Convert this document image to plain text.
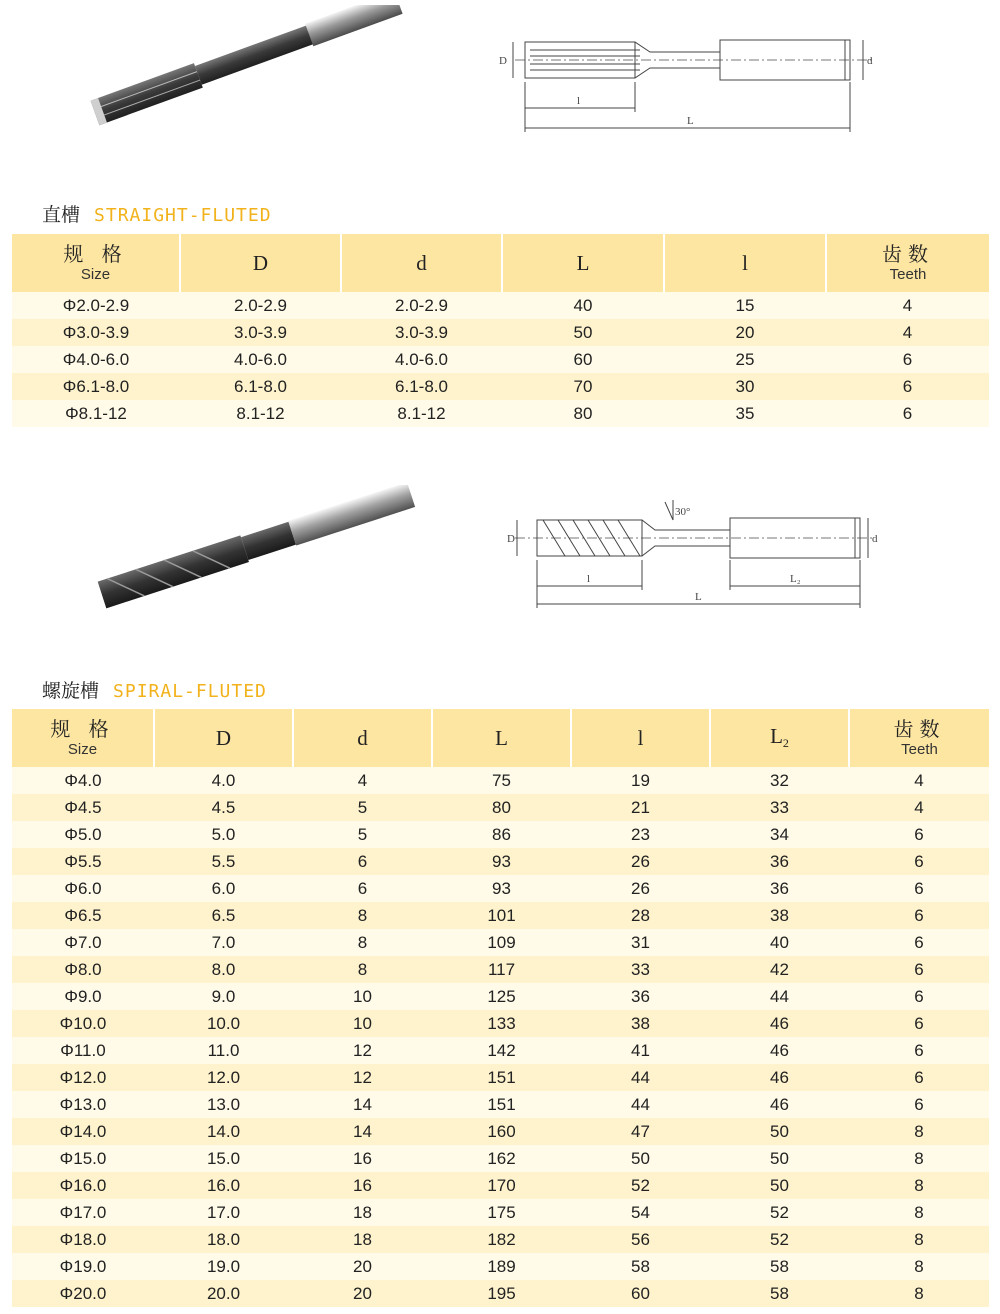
D	d
l
L
直槽 STRAIGHT-FLUTED
规 格
Size	D	d	L	l	齿数
Teeth

Φ2.0-2.9	2.0-2.9	2.0-2.9	40	15	4
Φ3.0-3.9	3.0-3.9	3.0-3.9	50	20	4
Φ4.0-6.0	4.0-6.0	4.0-6.0	60	25	6
Φ6.1-8.0	6.1-8.0	6.1-8.0	70	30	6
Φ8.1-12	8.1-12	8.1-12	80	35	6
30°
D	d
l	L₂
L
螺旋槽 SPIRAL-FLUTED
规 格
Size	D	d	L	l	$L_2$	齿数
Teeth

Φ4.0	4.0	4	75	19	32	4
Φ4.5	4.5	5	80	21	33	4
Φ5.0	5.0	5	86	23	34	6
Φ5.5	5.5	6	93	26	36	6
Φ6.0	6.0	6	93	26	36	6
Φ6.5	6.5	8	101	28	38	6
Φ7.0	7.0	8	109	31	40	6
Φ8.0	8.0	8	117	33	42	6
Φ9.0	9.0	10	125	36	44	6
Φ10.0	10.0	10	133	38	46	6
Φ11.0	11.0	12	142	41	46	6
Φ12.0	12.0	12	151	44	46	6
Φ13.0	13.0	14	151	44	46	6
Φ14.0	14.0	14	160	47	50	8
Φ15.0	15.0	16	162	50	50	8
Φ16.0	16.0	16	170	52	50	8
Φ17.0	17.0	18	175	54	52	8
Φ18.0	18.0	18	182	56	52	8
Φ19.0	19.0	20	189	58	58	8
Φ20.0	20.0	20	195	60	58	8
